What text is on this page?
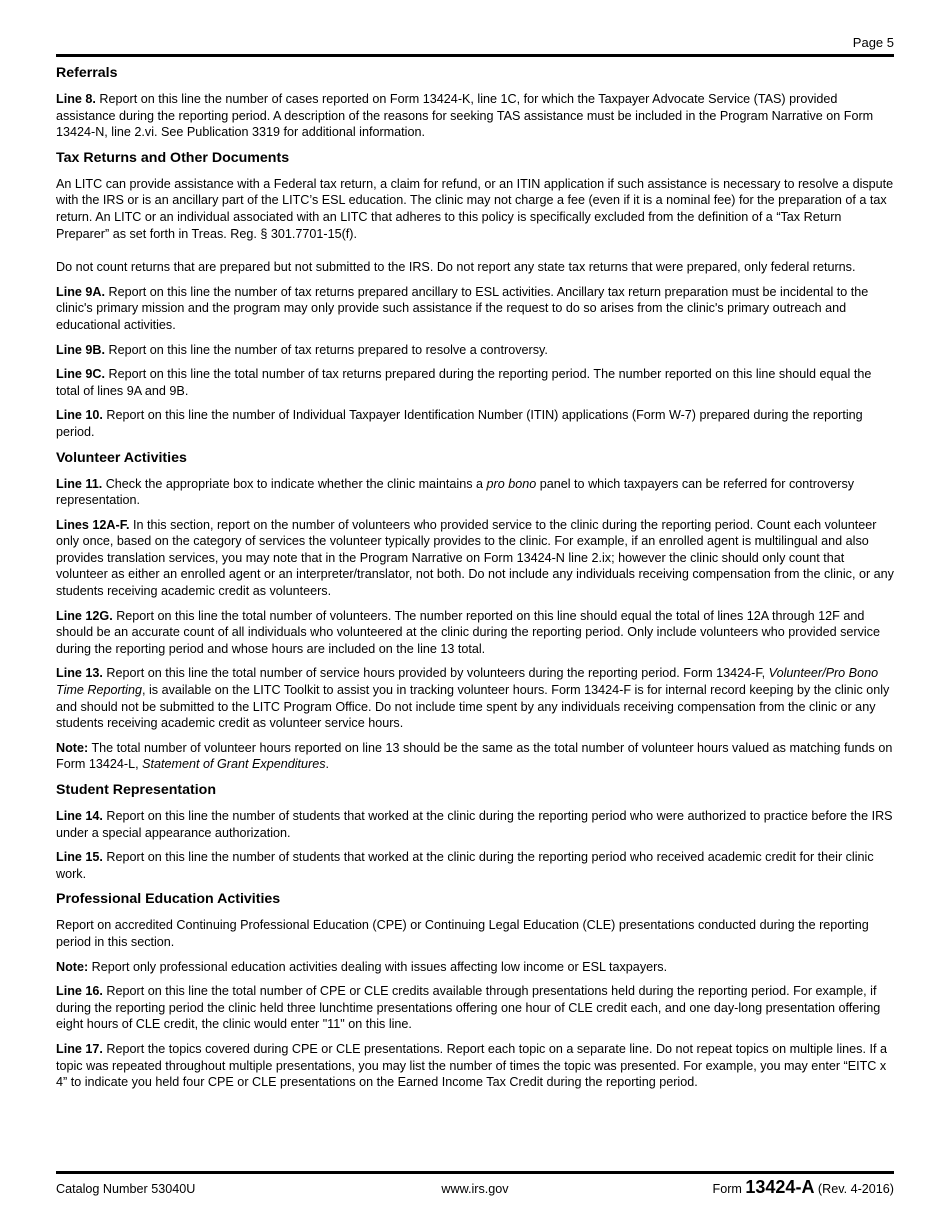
Page 5
Referrals

Line 8. Report on this line the number of cases reported on Form 13424-K, line 1C, for which the Taxpayer Advocate Service (TAS) provided assistance during the reporting period. A description of the reasons for seeking TAS assistance must be included in the Program Narrative on Form 13424-N, line 2.vi. See Publication 3319 for additional information.

Tax Returns and Other Documents

An LITC can provide assistance with a Federal tax return, a claim for refund, or an ITIN application if such assistance is necessary to resolve a dispute with the IRS or is an ancillary part of the LITC’s ESL education. The clinic may not charge a fee (even if it is a nominal fee) for the preparation of a tax return. An LITC or an individual associated with an LITC that adheres to this policy is specifically excluded from the definition of a “Tax Return Preparer” as set forth in Treas. Reg. § 301.7701-15(f).

Do not count returns that are prepared but not submitted to the IRS. Do not report any state tax returns that were prepared, only federal returns.

Line 9A. Report on this line the number of tax returns prepared ancillary to ESL activities. Ancillary tax return preparation must be incidental to the clinic's primary mission and the program may only provide such assistance if the request to do so arises from the clinic's primary outreach and educational activities.

Line 9B. Report on this line the number of tax returns prepared to resolve a controversy.

Line 9C. Report on this line the total number of tax returns prepared during the reporting period. The number reported on this line should equal the total of lines 9A and 9B.

Line 10. Report on this line the number of Individual Taxpayer Identification Number (ITIN) applications (Form W-7) prepared during the reporting period.

Volunteer Activities

Line 11. Check the appropriate box to indicate whether the clinic maintains a pro bono panel to which taxpayers can be referred for controversy representation.

Lines 12A-F. In this section, report on the number of volunteers who provided service to the clinic during the reporting period. Count each volunteer only once, based on the category of services the volunteer typically provides to the clinic. For example, if an enrolled agent is multilingual and also provides translation services, you may note that in the Program Narrative on Form 13424-N line 2.ix; however the clinic should only count that volunteer as either an enrolled agent or an interpreter/translator, not both. Do not include any individuals receiving compensation from the clinic, or any students receiving academic credit as volunteers.

Line 12G. Report on this line the total number of volunteers. The number reported on this line should equal the total of lines 12A through 12F and should be an accurate count of all individuals who volunteered at the clinic during the reporting period. Only include volunteers who provided service during the reporting period and whose hours are included on the line 13 total.

Line 13. Report on this line the total number of service hours provided by volunteers during the reporting period. Form 13424-F, Volunteer/Pro Bono Time Reporting, is available on the LITC Toolkit to assist you in tracking volunteer hours. Form 13424-F is for internal record keeping by the clinic only and should not be submitted to the LITC Program Office. Do not include time spent by any individuals receiving compensation from the clinic or any students receiving academic credit as volunteer service hours.

Note: The total number of volunteer hours reported on line 13 should be the same as the total number of volunteer hours valued as matching funds on Form 13424-L, Statement of Grant Expenditures.

Student Representation

Line 14. Report on this line the number of students that worked at the clinic during the reporting period who were authorized to practice before the IRS under a special appearance authorization.

Line 15. Report on this line the number of students that worked at the clinic during the reporting period who received academic credit for their clinic work.

Professional Education Activities

Report on accredited Continuing Professional Education (CPE) or Continuing Legal Education (CLE) presentations conducted during the reporting period in this section.

Note: Report only professional education activities dealing with issues affecting low income or ESL taxpayers.

Line 16. Report on this line the total number of CPE or CLE credits available through presentations held during the reporting period. For example, if during the reporting period the clinic held three lunchtime presentations offering one hour of CLE credit each, and one day-long presentation offering eight hours of CLE credit, the clinic would enter "11" on this line.

Line 17. Report the topics covered during CPE or CLE presentations. Report each topic on a separate line. Do not repeat topics on multiple lines. If a topic was repeated throughout multiple presentations, you may list the number of times the topic was presented. For example, you may enter “EITC x 4” to indicate you held four CPE or CLE presentations on the Earned Income Tax Credit during the reporting period.

Catalog Number 53040U	www.irs.gov	Form 13424-A (Rev. 4-2016)
